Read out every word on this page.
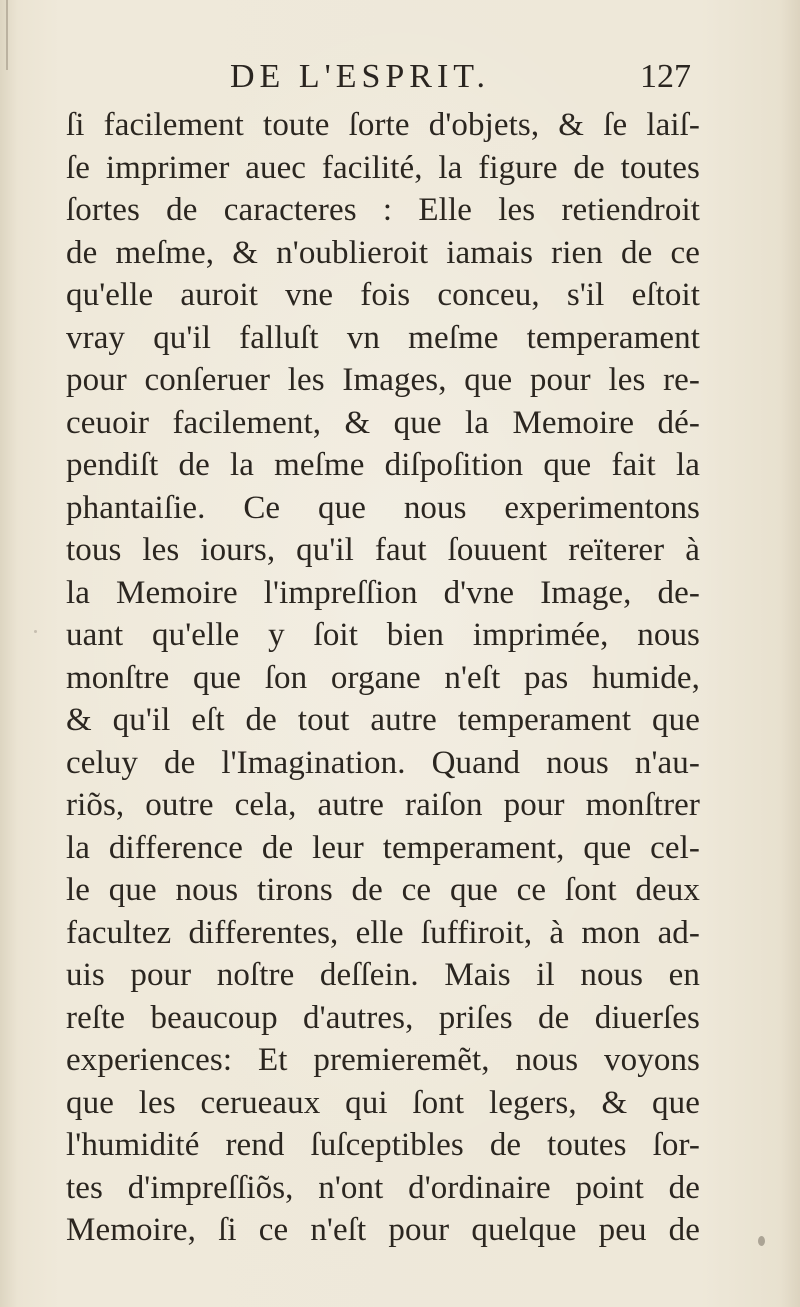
DE L'ESPRIT.	127
ſi facilement toute ſorte d'objets, & ſe laiſ-
ſe imprimer auec facilité, la figure de toutes
ſortes de caracteres : Elle les retiendroit
de meſme, & n'oublieroit iamais rien de ce
qu'elle auroit vne fois conceu, s'il eſtoit
vray qu'il falluſt vn meſme temperament
pour conſeruer les Images, que pour les re-
ceuoir facilement, & que la Memoire dé-
pendiſt de la meſme diſpoſition que fait la
phantaiſie. Ce que nous experimentons
tous les iours, qu'il faut ſouuent reïterer à
la Memoire l'impreſſion d'vne Image, de-
uant qu'elle y ſoit bien imprimée, nous
monſtre que ſon organe n'eſt pas humide,
& qu'il eſt de tout autre temperament que
celuy de l'Imagination. Quand nous n'au-
riõs, outre cela, autre raiſon pour monſtrer
la difference de leur temperament, que cel-
le que nous tirons de ce que ce ſont deux
facultez differentes, elle ſuffiroit, à mon ad-
uis pour noſtre deſſein. Mais il nous en
reſte beaucoup d'autres, priſes de diuerſes
experiences: Et premieremẽt, nous voyons
que les cerueaux qui ſont legers, & que
l'humidité rend ſuſceptibles de toutes ſor-
tes d'impreſſiõs, n'ont d'ordinaire point de
Memoire, ſi ce n'eſt pour quelque peu de
